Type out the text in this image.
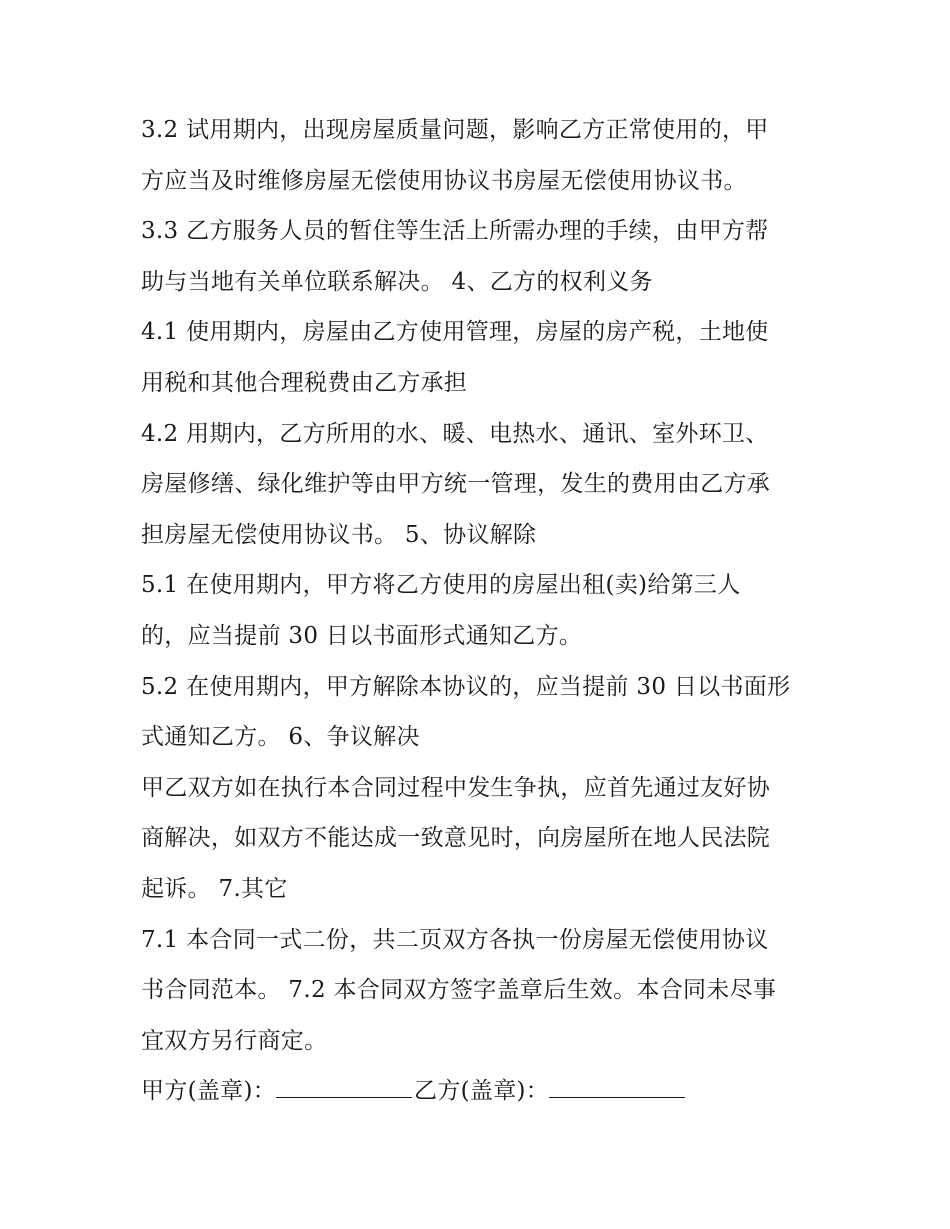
3.2 试用期内，出现房屋质量问题，影响乙方正常使用的，甲
方应当及时维修房屋无偿使用协议书房屋无偿使用协议书。
3.3 乙方服务人员的暂住等生活上所需办理的手续，由甲方帮
助与当地有关单位联系解决。 4、乙方的权利义务
4.1 使用期内，房屋由乙方使用管理，房屋的房产税，土地使
用税和其他合理税费由乙方承担
4.2 用期内，乙方所用的水、暖、电热水、通讯、室外环卫、
房屋修缮、绿化维护等由甲方统一管理，发生的费用由乙方承
担房屋无偿使用协议书。 5、协议解除
5.1 在使用期内，甲方将乙方使用的房屋出租(卖)给第三人
的，应当提前 30 日以书面形式通知乙方。
5.2 在使用期内，甲方解除本协议的，应当提前 30 日以书面形
式通知乙方。 6、争议解决
甲乙双方如在执行本合同过程中发生争执，应首先通过友好协
商解决，如双方不能达成一致意见时，向房屋所在地人民法院
起诉。 7.其它
7.1 本合同一式二份，共二页双方各执一份房屋无偿使用协议
书合同范本。 7.2 本合同双方签字盖章后生效。本合同未尽事
宜双方另行商定。
甲方(盖章)：	乙方(盖章)：
